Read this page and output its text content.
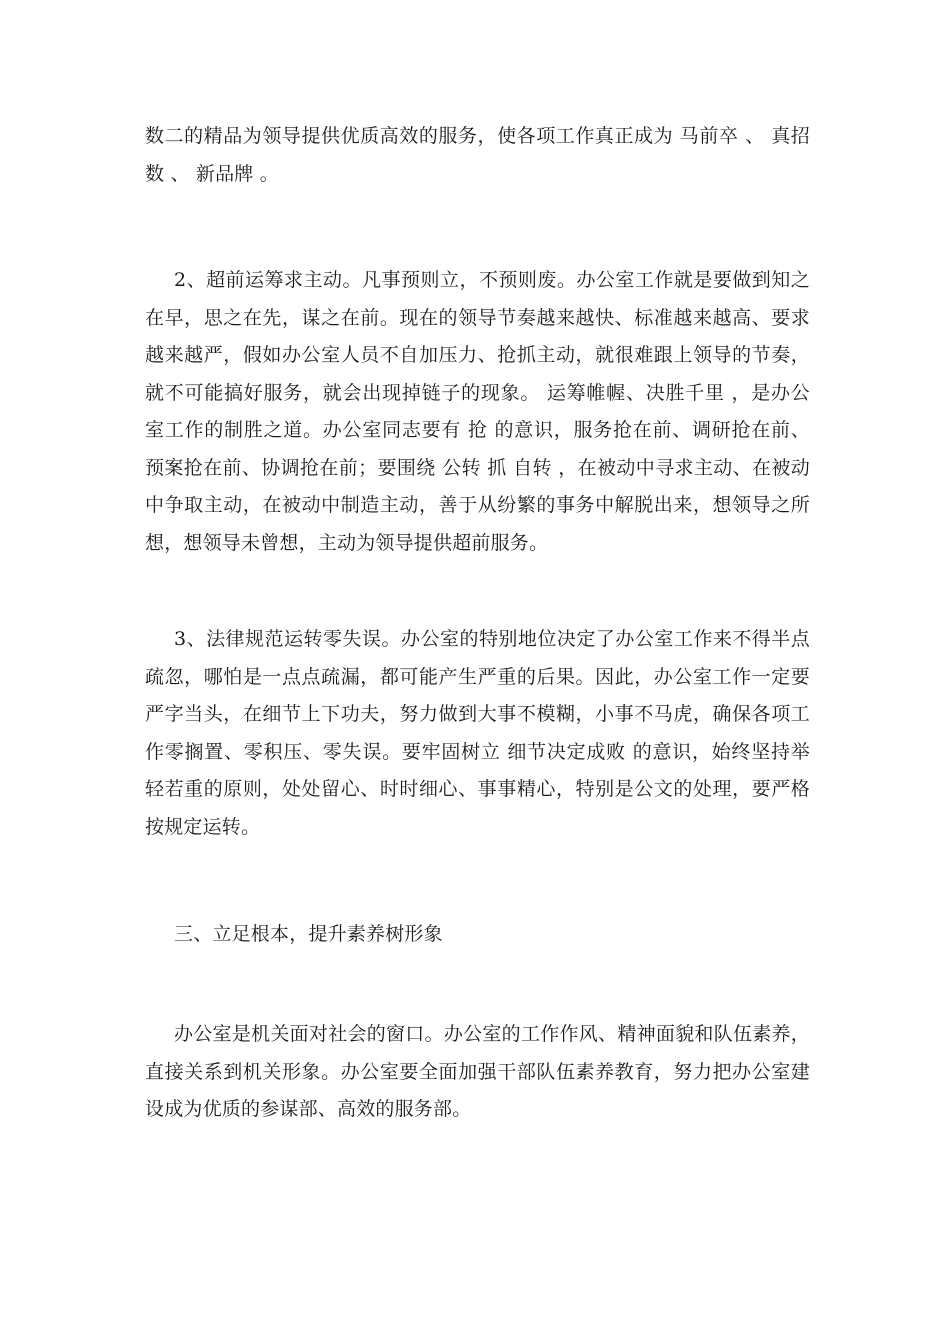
数二的精品为领导提供优质高效的服务，使各项工作真正成为 马前卒 、 真招数 、 新品牌 。

2、超前运筹求主动。凡事预则立，不预则废。办公室工作就是要做到知之在早，思之在先，谋之在前。现在的领导节奏越来越快、标准越来越高、要求越来越严，假如办公室人员不自加压力、抢抓主动，就很难跟上领导的节奏，就不可能搞好服务，就会出现掉链子的现象。 运筹帷幄、决胜千里 ，是办公室工作的制胜之道。办公室同志要有 抢 的意识，服务抢在前、调研抢在前、预案抢在前、协调抢在前；要围绕 公转 抓 自转 ，在被动中寻求主动、在被动中争取主动，在被动中制造主动，善于从纷繁的事务中解脱出来，想领导之所想，想领导未曾想，主动为领导提供超前服务。

3、法律规范运转零失误。办公室的特别地位决定了办公室工作来不得半点疏忽，哪怕是一点点疏漏，都可能产生严重的后果。因此，办公室工作一定要严字当头，在细节上下功夫，努力做到大事不模糊，小事不马虎，确保各项工作零搁置、零积压、零失误。要牢固树立 细节决定成败 的意识，始终坚持举轻若重的原则，处处留心、时时细心、事事精心，特别是公文的处理，要严格按规定运转。

三、立足根本，提升素养树形象

办公室是机关面对社会的窗口。办公室的工作作风、精神面貌和队伍素养，直接关系到机关形象。办公室要全面加强干部队伍素养教育，努力把办公室建设成为优质的参谋部、高效的服务部。
